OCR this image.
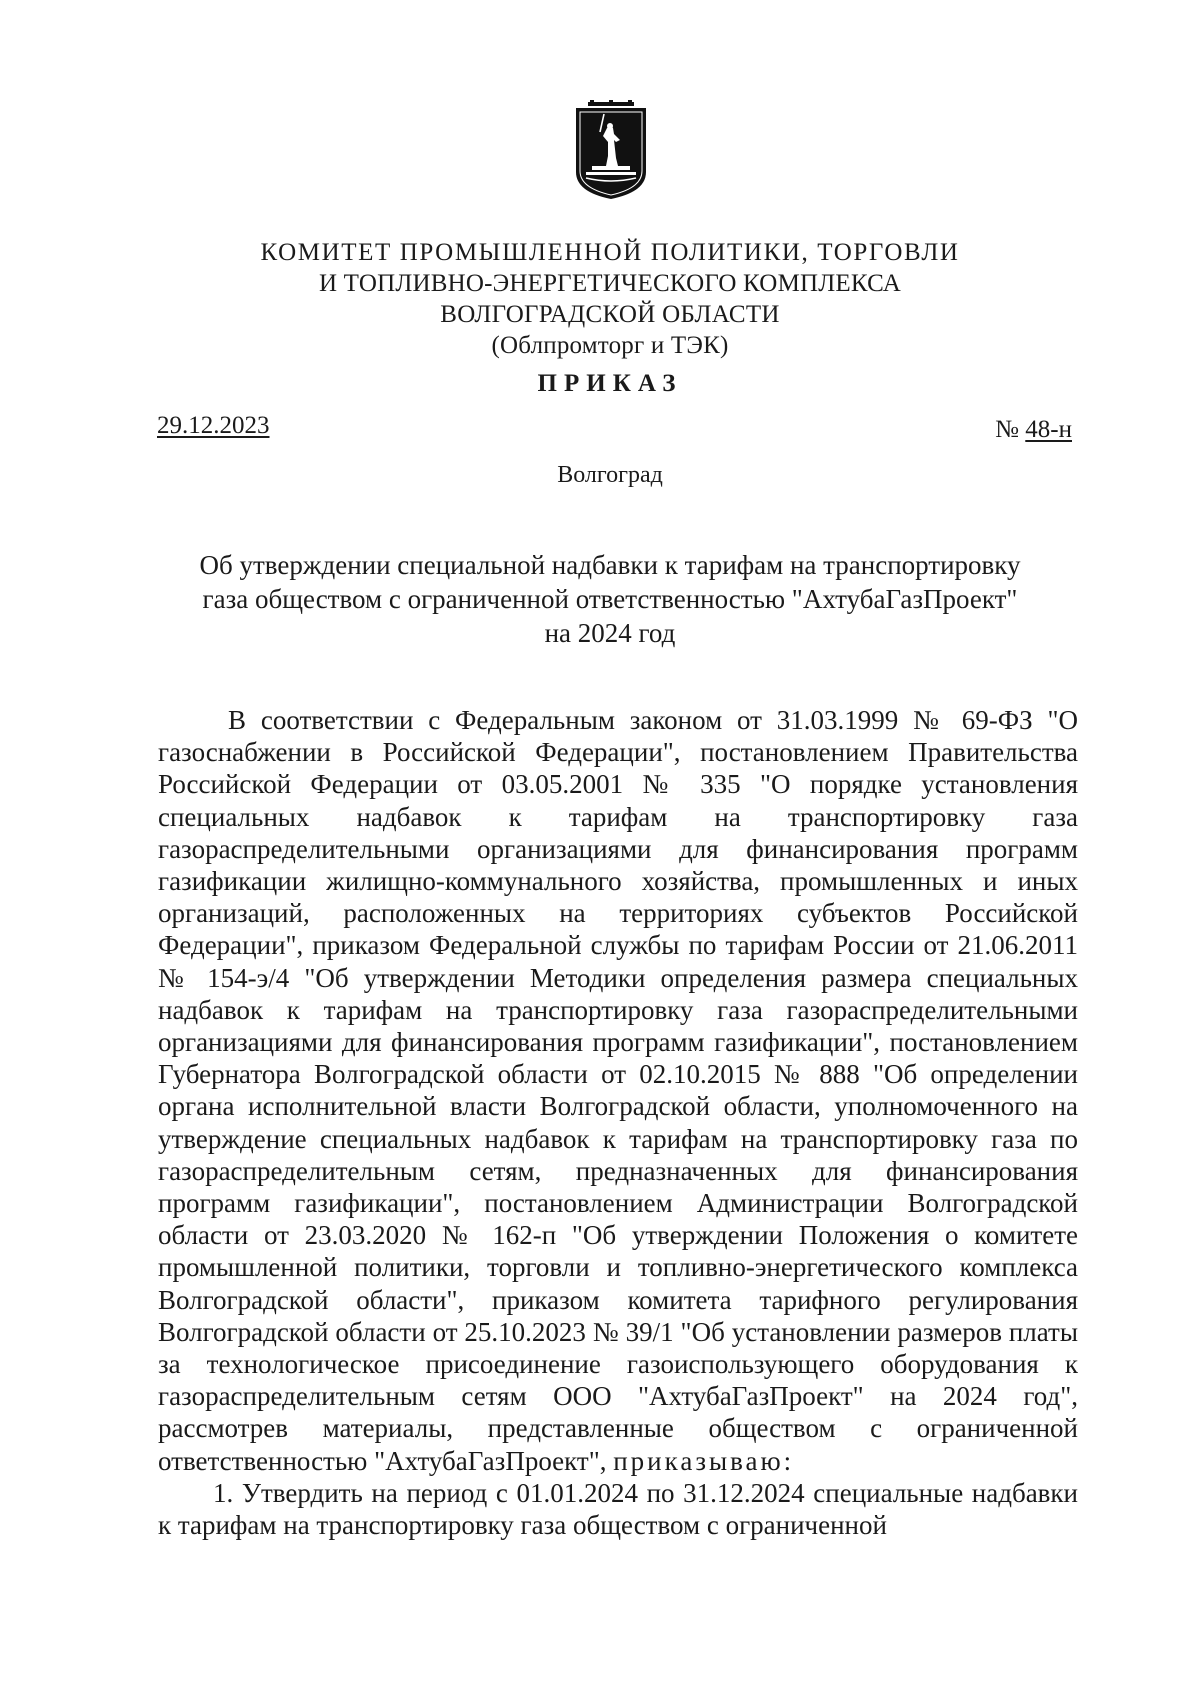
КОМИТЕТ ПРОМЫШЛЕННОЙ ПОЛИТИКИ, ТОРГОВЛИ
И ТОПЛИВНО-ЭНЕРГЕТИЧЕСКОГО КОМПЛЕКСА
ВОЛГОГРАДСКОЙ ОБЛАСТИ
(Облпромторг и ТЭК)
ПРИКАЗ
29.12.2023	№ 48-н
Волгоград
Об утверждении специальной надбавки к тарифам на транспортировку
газа обществом с ограниченной ответственностью "АхтубаГазПроект"
на 2024 год

В соответствии с Федеральным законом от 31.03.1999 № 69-ФЗ "О газоснабжении в Российской Федерации", постановлением Правительства Российской Федерации от 03.05.2001 № 335 "О порядке установления специальных надбавок к тарифам на транспортировку газа газораспределительными организациями для финансирования программ газификации жилищно-коммунального хозяйства, промышленных и иных организаций, расположенных на территориях субъектов Российской Федерации", приказом Федеральной службы по тарифам России от 21.06.2011 № 154-э/4 "Об утверждении Методики определения размера специальных надбавок к тарифам на транспортировку газа газораспределительными организациями для финансирования программ газификации", постановлением Губернатора Волгоградской области от 02.10.2015 № 888 "Об определении органа исполнительной власти Волгоградской области, уполномоченного на утверждение специальных надбавок к тарифам на транспортировку газа по газораспределительным сетям, предназначенных для финансирования программ газификации", постановлением Администрации Волгоградской области от 23.03.2020 № 162-п "Об утверждении Положения о комитете промышленной политики, торговли и топливно-энергетического комплекса Волгоградской области", приказом комитета тарифного регулирования Волгоградской области от 25.10.2023 № 39/1 "Об установлении размеров платы за технологическое присоединение газоиспользующего оборудования к газораспределительным сетям ООО "АхтубаГазПроект" на 2024 год", рассмотрев материалы, представленные обществом с ограниченной ответственностью "АхтубаГазПроект", приказываю:

1. Утвердить на период с 01.01.2024 по 31.12.2024 специальные надбавки к тарифам на транспортировку газа обществом с ограниченной
